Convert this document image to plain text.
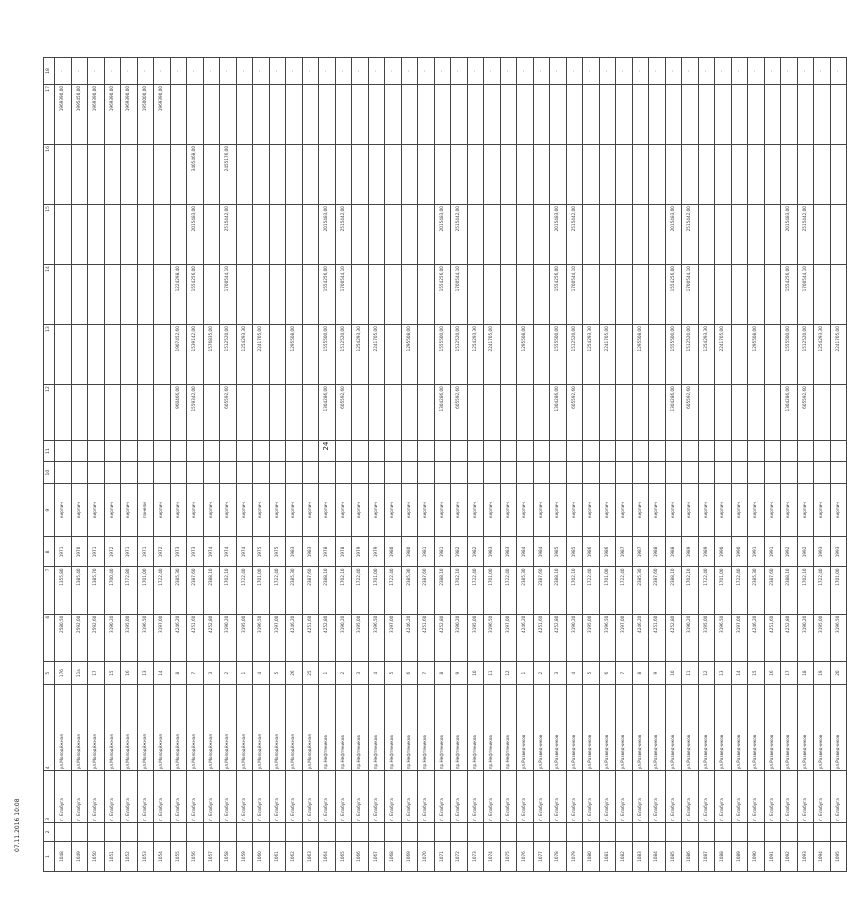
24
07.11.2016 10:08
1	2	3	4	5	6	7	8	9	10	11	12	13	14	15	16	17	18
1048		г. Елабуга	ул.Молодёжная	17б	2580,50	1355,80	1971	кирпич								1969390,00	-
1049		г. Елабуга	ул.Молодёжная	11а	2592,00	1385,40	1970	кирпич								1995450,00	-
1050		г. Елабуга	ул.Молодёжная	17	2592,60	1385,70	1971	кирпич								1969390,00	-
1051		г. Елабуга	ул.Молодёжная	15	3190,20	1700,40	1972	кирпич								1969390,00	-
1052		г. Елабуга	ул.Молодёжная	16	3195,00	1772,80	1971	кирпич								1969390,00	-
1053		г. Елабуга	ул.Молодёжная	13	3196,50	1701,00	1971	панели								1950000,00	-
1054		г. Елабуга	ул.Молодёжная	14	3197,00	1722,40	1972	кирпич								1969390,00	-
1055		г. Елабуга	ул.Молодёжная	8	4246,20	2385,30	1973	кирпич			960466,00	1907452,60	1224298,40				-
1056		г. Елабуга	ул.Молодёжная	7	4251,60	2387,60	1973	кирпич			1559342,00	1539142,00	1554256,00	2015483,00	3405468,00		-
1057		г. Елабуга	ул.Молодёжная	3	4252,80	2388,10	1974	кирпич				1576835,00					-
1058		г. Елабуга	ул.Молодёжная	2	3190,20	1702,10	1974	кирпич			605592,60	1512520,00	1700544,10	2515442,00	2455176,00		-
1059		г. Елабуга	ул.Молодёжная	1	3195,00	1722,40	1974	кирпич				1254293,30					-
1060		г. Елабуга	ул.Молодёжная	4	3196,50	1701,00	1975	кирпич				2241705,00					-
1061		г. Елабуга	ул.Молодёжная	5	3197,00	1722,40	1975	кирпич									-
1062		г. Елабуга	ул.Молодёжная	26	4246,20	2385,30	1983	кирпич				1295508,00					-
1063		г. Елабуга	ул.Молодёжная	25	4251,60	2387,60	1983	кирпич									-
1064		г. Елабуга	пр.Нефтяников	1	4252,80	2388,10	1978	кирпич			1304286,00	1555500,00	1554256,00	2015483,00			-
1065		г. Елабуга	пр.Нефтяников	2	3190,20	1702,10	1978	кирпич			605592,60	1512520,00	1700544,10	2515442,00			-
1066		г. Елабуга	пр.Нефтяников	3	3195,00	1722,40	1979	кирпич				1254293,30					-
1067		г. Елабуга	пр.Нефтяников	4	3196,50	1701,00	1979	кирпич				2241705,00					-
1068		г. Елабуга	пр.Нефтяников	5	3197,00	1722,40	1980	кирпич									-
1069		г. Елабуга	пр.Нефтяников	6	4246,20	2385,30	1980	кирпич				1295508,00					-
1070		г. Елабуга	пр.Нефтяников	7	4251,60	2387,60	1981	кирпич									-
1071		г. Елабуга	пр.Нефтяников	8	4252,80	2388,10	1981	кирпич			1304286,00	1555500,00	1554256,00	2015483,00			-
1072		г. Елабуга	пр.Нефтяников	9	3190,20	1702,10	1982	кирпич			605592,60	1512520,00	1700544,10	2515442,00			-
1073		г. Елабуга	пр.Нефтяников	10	3195,00	1722,40	1982	кирпич				1254293,30					-
1074		г. Елабуга	пр.Нефтяников	11	3196,50	1701,00	1983	кирпич				2241705,00					-
1075		г. Елабуга	пр.Нефтяников	12	3197,00	1722,40	1983	кирпич									-
1076		г. Елабуга	ул.Разведчиков	1	4246,20	2385,30	1984	кирпич				1295508,00					-
1077		г. Елабуга	ул.Разведчиков	2	4251,60	2387,60	1984	кирпич									-
1078		г. Елабуга	ул.Разведчиков	3	4252,80	2388,10	1985	кирпич			1304286,00	1555500,00	1554256,00	2015483,00			-
1079		г. Елабуга	ул.Разведчиков	4	3190,20	1702,10	1985	кирпич			605592,60	1512520,00	1700544,10	2515442,00			-
1080		г. Елабуга	ул.Разведчиков	5	3195,00	1722,40	1986	кирпич				1254293,30					-
1081		г. Елабуга	ул.Разведчиков	6	3196,50	1701,00	1986	кирпич				2241705,00					-
1082		г. Елабуга	ул.Разведчиков	7	3197,00	1722,40	1987	кирпич									-
1083		г. Елабуга	ул.Разведчиков	8	4246,20	2385,30	1987	кирпич				1295508,00					-
1084		г. Елабуга	ул.Разведчиков	9	4251,60	2387,60	1988	кирпич									-
1085		г. Елабуга	ул.Разведчиков	10	4252,80	2388,10	1988	кирпич			1304286,00	1555500,00	1554256,00	2015483,00			-
1086		г. Елабуга	ул.Разведчиков	11	3190,20	1702,10	1989	кирпич			605592,60	1512520,00	1700544,10	2515442,00			-
1087		г. Елабуга	ул.Разведчиков	12	3195,00	1722,40	1989	кирпич				1254293,30					-
1088		г. Елабуга	ул.Разведчиков	13	3196,50	1701,00	1990	кирпич				2241705,00					-
1089		г. Елабуга	ул.Разведчиков	14	3197,00	1722,40	1990	кирпич									-
1090		г. Елабуга	ул.Разведчиков	15	4246,20	2385,30	1991	кирпич				1295508,00					-
1091		г. Елабуга	ул.Разведчиков	16	4251,60	2387,60	1991	кирпич									-
1092		г. Елабуга	ул.Разведчиков	17	4252,80	2388,10	1992	кирпич			1304286,00	1555500,00	1554256,00	2015483,00			-
1093		г. Елабуга	ул.Разведчиков	18	3190,20	1702,10	1992	кирпич			605592,60	1512520,00	1700544,10	2515442,00			-
1094		г. Елабуга	ул.Разведчиков	19	3195,00	1722,40	1993	кирпич				1254293,30					-
1095		г. Елабуга	ул.Разведчиков	20	3196,50	1701,00	1993	кирпич				2241705,00					-
